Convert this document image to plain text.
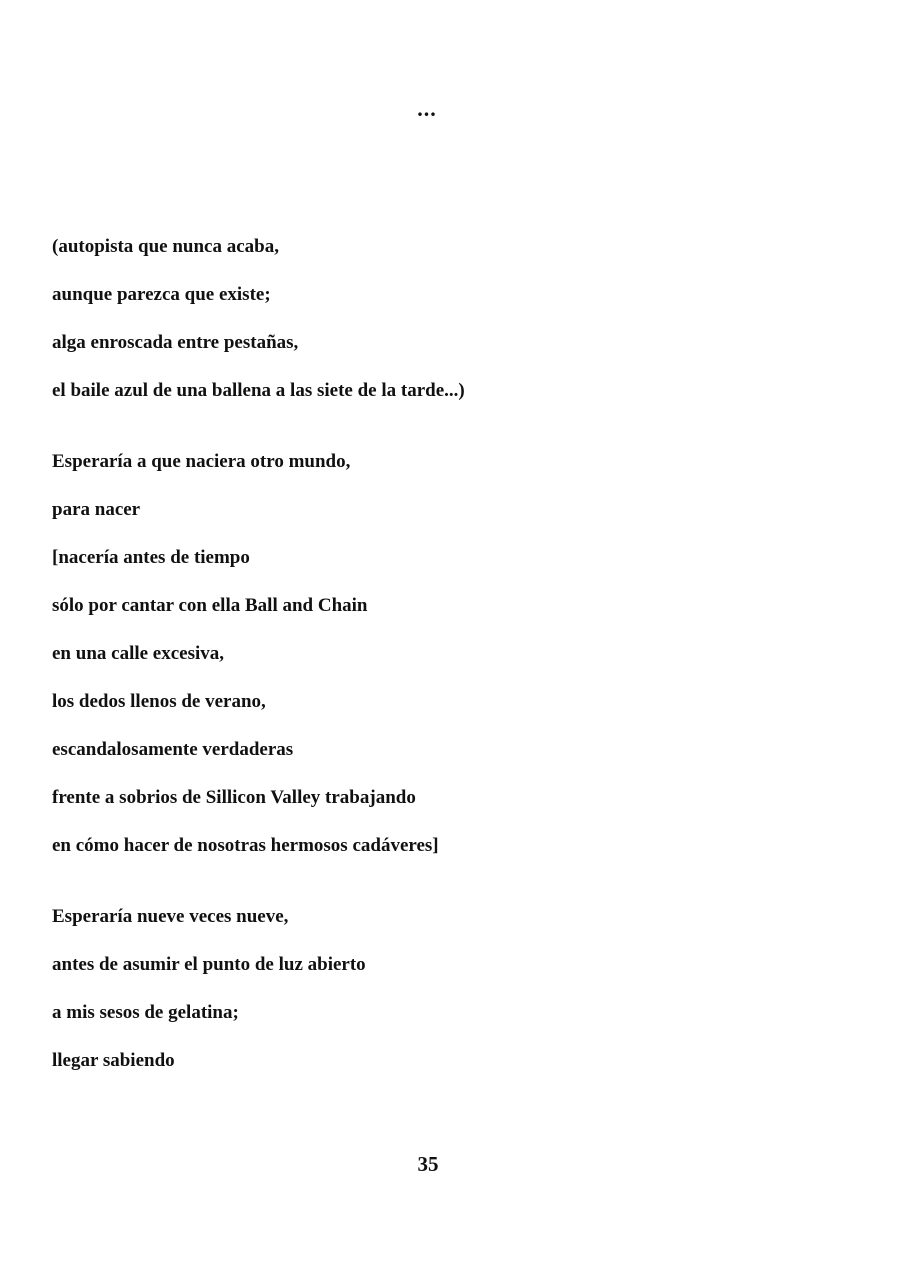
...
(autopista que nunca acaba,
aunque parezca que existe;
alga enroscada entre pestañas,
el baile azul de una ballena a las siete de la tarde...)
Esperaría a que naciera otro mundo,
para nacer
[nacería antes de tiempo
sólo por cantar con ella Ball and Chain
en una calle excesiva,
los dedos llenos de verano,
escandalosamente verdaderas
frente a sobrios de Sillicon Valley trabajando
en cómo hacer de nosotras hermosos cadáveres]
Esperaría nueve veces nueve,
antes de asumir el punto de luz abierto
a mis sesos de gelatina;
llegar sabiendo
35
